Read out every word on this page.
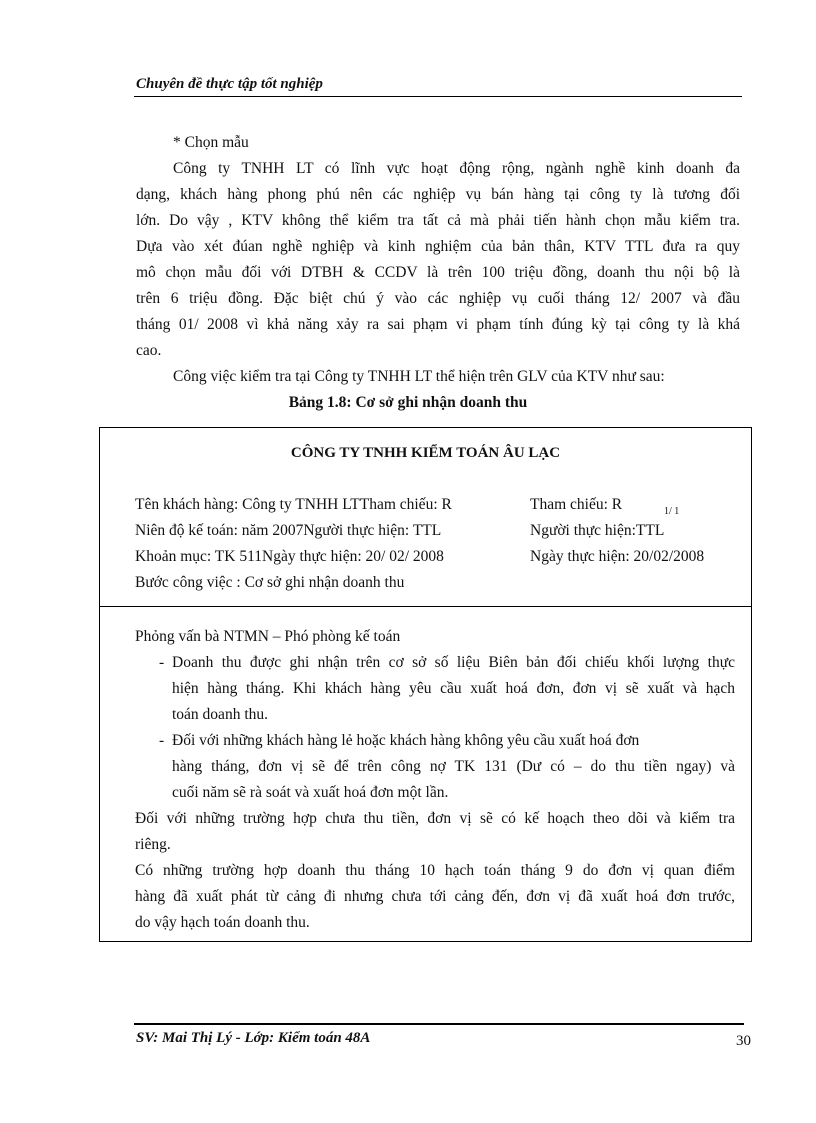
Chuyên đề thực tập tốt nghiệp
* Chọn mẫu
Công ty TNHH LT có lĩnh vực hoạt động rộng, ngành nghề kinh doanh đa
dạng, khách hàng phong phú nên các nghiệp vụ bán hàng tại công ty là tương đối
lớn. Do vậy , KTV không thể kiểm tra tất cả mà phải tiến hành chọn mẫu kiểm tra.
Dựa vào xét đúan nghề nghiệp và kinh nghiệm của bản thân, KTV TTL đưa ra quy
mô chọn mẫu đối với DTBH & CCDV là trên 100 triệu đồng, doanh thu nội bộ là
trên 6 triệu đồng. Đặc biệt chú ý vào các nghiệp vụ cuối tháng 12/ 2007 và đầu
tháng 01/ 2008 vì khả năng xảy ra sai phạm vi phạm tính đúng kỳ tại công ty là khá
cao.
Công việc kiểm tra tại Công ty TNHH LT thể hiện trên GLV của KTV như sau:
Bảng 1.8: Cơ sở ghi nhận doanh thu
CÔNG TY TNHH KIỂM TOÁN ÂU LẠC
Tên khách hàng: Công ty TNHH LTTham chiếu: R
Niên độ kế toán: năm 2007Người thực hiện: TTL
Khoản mục: TK 511Ngày thực hiện: 20/ 02/ 2008
Bước công việc : Cơ sở ghi nhận doanh thu
Tham chiếu: R	1/ 1
Người thực hiện:TTL
Ngày thực hiện: 20/02/2008
Phỏng vấn bà NTMN – Phó phòng kế toán
- Doanh thu được ghi nhận trên cơ sở số liệu Biên bản đối chiếu khối lượng thực
hiện hàng tháng. Khi khách hàng yêu cầu xuất hoá đơn, đơn vị sẽ xuất và hạch
toán doanh thu.
- Đối với những khách hàng lẻ hoặc khách hàng không yêu cầu xuất hoá đơn
hàng tháng, đơn vị sẽ để trên công nợ TK 131 (Dư có – do thu tiền ngay) và
cuối năm sẽ rà soát và xuất hoá đơn một lần.
Đối với những trường hợp chưa thu tiền, đơn vị sẽ có kế hoạch theo dõi và kiểm tra
riêng.
Có những trường hợp doanh thu tháng 10 hạch toán tháng 9 do đơn vị quan điểm
hàng đã xuất phát từ cảng đi nhưng chưa tới cảng đến, đơn vị đã xuất hoá đơn trước,
do vậy hạch toán doanh thu.
SV: Mai Thị Lý - Lớp: Kiểm toán 48A	30
